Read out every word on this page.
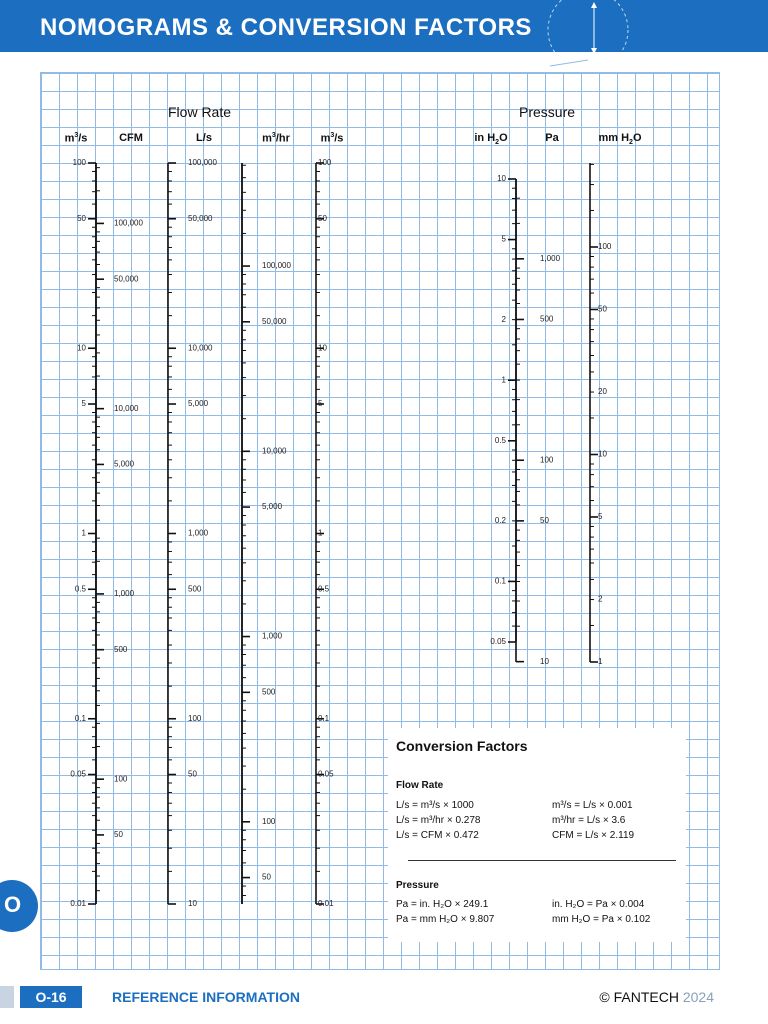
NOMOGRAMS & CONVERSION FACTORS
Flow Rate	Pressure
$m^3/s$	CFM	L/s	$m^3/hr$	$m^3/s$	in $H_2O$	Pa	mm $H_2O$
100
50
10
5
1
0.5
0.1
0.05
0.01
100,000
50,000
10,000
5,000
1,000
500
100
50
100,000
50,000
10,000
5,000
1,000
500
100
50
10
100,000
50,000
10,000
5,000
1,000
500
100
50
100
50
10
5
1
0.5
0.1
0.05
0.01
10
5
2
1
0.5
0.2
0.1
0.05
1,000
500
100
50
10
100
50
20
10
5
2
1
Conversion Factors
Flow Rate
L/s = m³/s × 1000
L/s = m³/hr × 0.278
L/s = CFM × 0.472
m³/s = L/s × 0.001
m³/hr = L/s × 3.6
CFM = L/s × 2.119
Pressure
Pa = in. H₂O × 249.1
Pa = mm H₂O × 9.807
in. H₂O = Pa × 0.004
mm H₂O = Pa × 0.102
O
O-16	REFERENCE INFORMATION	© FANTECH 2024
